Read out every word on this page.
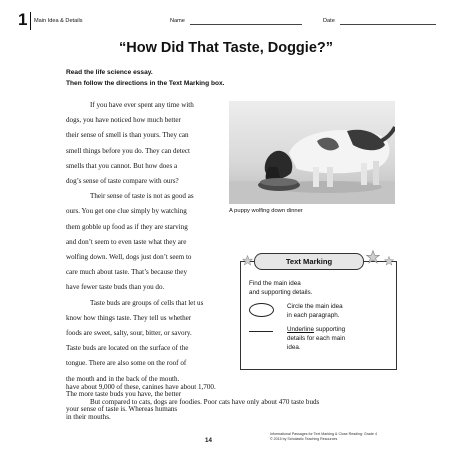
1 Main Idea & Details	Name	Date
“How Did That Taste, Doggie?”
Read the life science essay.
Then follow the directions in the Text Marking box.

If you have ever spent any time with
dogs, you have noticed how much better
their sense of smell is than yours. They can
smell things before you do. They can detect
smells that you cannot. But how does a
dog’s sense of taste compare with ours?

Their sense of taste is not as good as
ours. You get one clue simply by watching
them gobble up food as if they are starving
and don’t seem to even taste what they are
wolfing down. Well, dogs just don’t seem to
care much about taste. That’s because they
have fewer taste buds than you do.

Taste buds are groups of cells that let us
know how things taste. They tell us whether
foods are sweet, salty, sour, bitter, or savory.
Taste buds are located on the surface of the
tongue. There are also some on the roof of
the mouth and in the back of the mouth.
The more taste buds you have, the better
your sense of taste is. Whereas humans

have about 9,000 of these, canines have about 1,700.
But compared to cats, dogs are foodies. Poor cats have only about 470 taste buds
in their mouths.
A puppy wolfing down dinner
Text Marking
Find the main idea
and supporting details.
Circle the main idea
in each paragraph.
Underline supporting
details for each main
idea.
14
Informational Passages for Text Marking & Close Reading: Grade 4
© 2015 by Scholastic Teaching Resources
